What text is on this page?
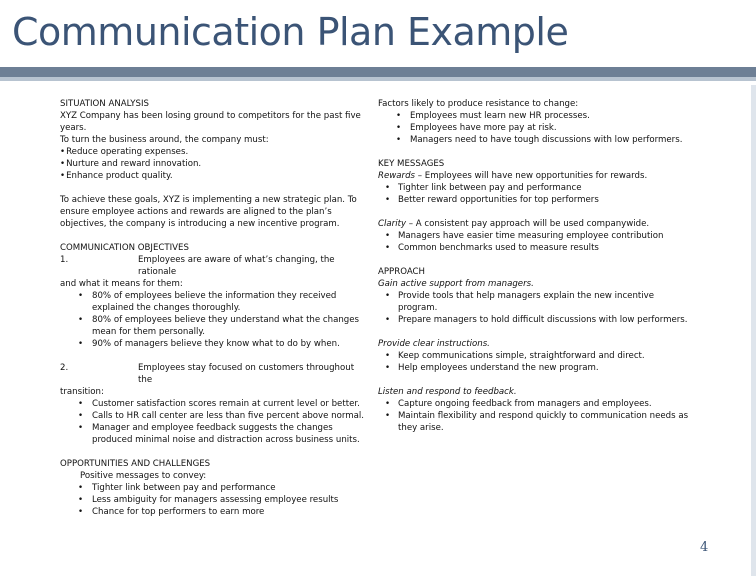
Communication Plan Example

SITUATION ANALYSIS

XYZ Company has been losing ground to competitors for the past five years.

To turn the business around, the company must:

•Reduce operating expenses.

•Nurture and reward innovation.

•Enhance product quality.

To achieve these goals, XYZ is implementing a new strategic plan. To ensure employee actions and rewards are aligned to the plan’s objectives, the company is introducing a new incentive program.

COMMUNICATION OBJECTIVES

1.	Employees are aware of what’s changing, the rationale

and what it means for them:

• 80% of employees believe the information they received explained the changes thoroughly.

• 80% of employees believe they understand what the changes mean for them personally.

• 90% of managers believe they know what to do by when.

2.	Employees stay focused on customers throughout the

transition:

• Customer satisfaction scores remain at current level or better.

• Calls to HR call center are less than five percent above normal.

• Manager and employee feedback suggests the changes produced minimal noise and distraction across business units.

OPPORTUNITIES AND CHALLENGES

Positive messages to convey:

• Tighter link between pay and performance

• Less ambiguity for managers assessing employee results

• Chance for top performers to earn more

Factors likely to produce resistance to change:

• Employees must learn new HR processes.

• Employees have more pay at risk.

• Managers need to have tough discussions with low performers.

KEY MESSAGES

Rewards – Employees will have new opportunities for rewards.

• Tighter link between pay and performance

• Better reward opportunities for top performers

Clarity – A consistent pay approach will be used companywide.

• Managers have easier time measuring employee contribution

• Common benchmarks used to measure results

APPROACH

Gain active support from managers.

• Provide tools that help managers explain the new incentive program.

• Prepare managers to hold difficult discussions with low performers.

Provide clear instructions.

• Keep communications simple, straightforward and direct.

• Help employees understand the new program.

Listen and respond to feedback.

• Capture ongoing feedback from managers and employees.

• Maintain flexibility and respond quickly to communication needs as they arise.

4
